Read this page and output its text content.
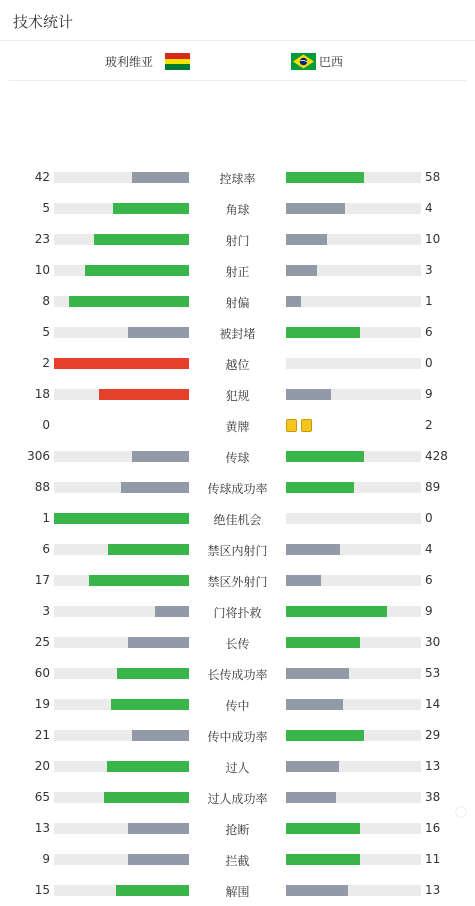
技术统计
玻利维亚	巴西
42	控球率	58
5	角球	4
23	射门	10
10	射正	3
8	射偏	1
5	被封堵	6
2	越位	0
18	犯规	9
0	黄牌	2
306	传球	428
88	传球成功率	89
1	绝佳机会	0
6	禁区内射门	4
17	禁区外射门	6
3	门将扑救	9
25	长传	30
60	长传成功率	53
19	传中	14
21	传中成功率	29
20	过人	13
65	过人成功率	38
13	抢断	16
9	拦截	11
15	解围	13
◯
